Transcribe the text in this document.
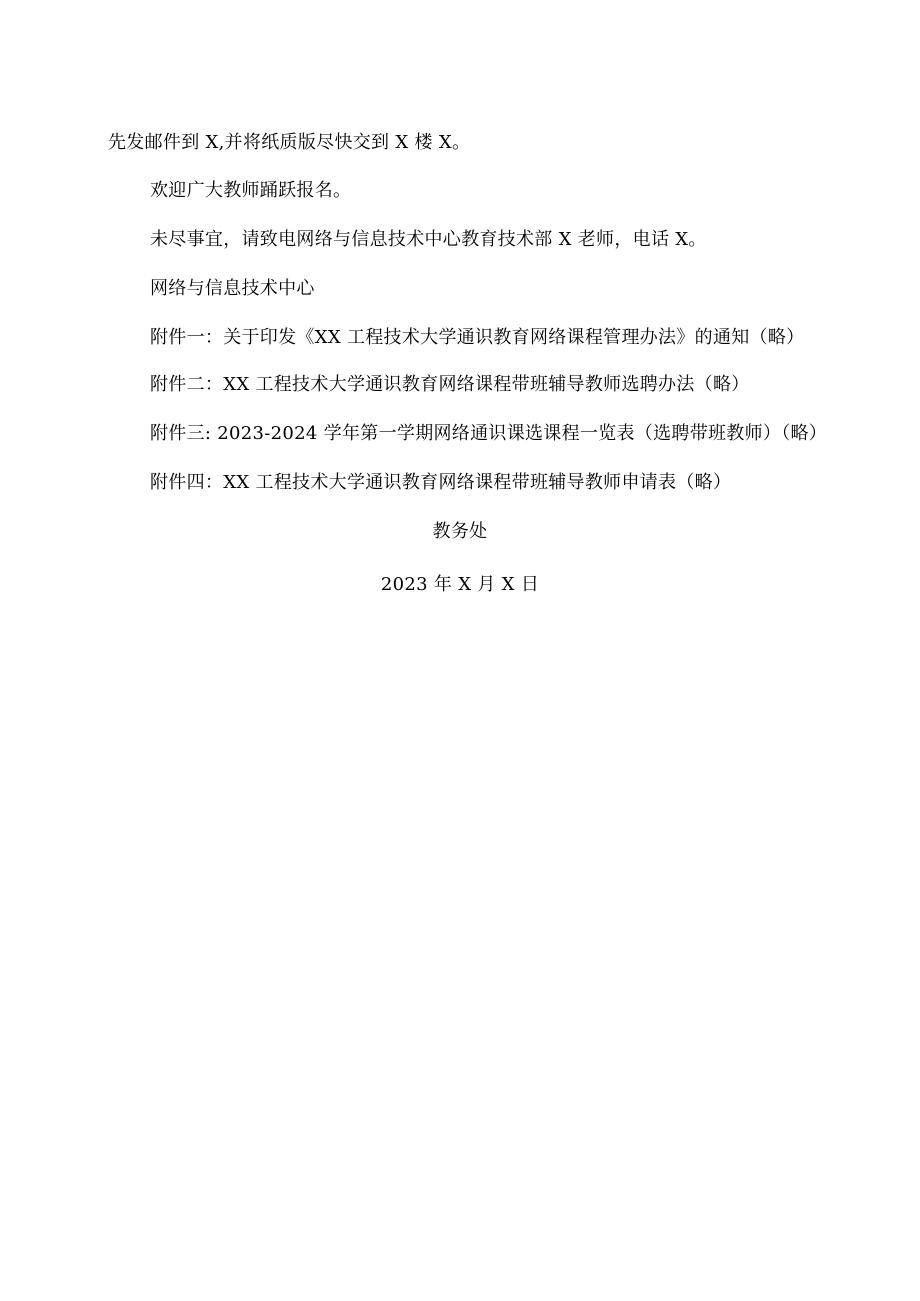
先发邮件到 X,并将纸质版尽快交到 X 楼 X。
欢迎广大教师踊跃报名。
未尽事宜，请致电网络与信息技术中心教育技术部 X 老师，电话 X。
网络与信息技术中心
附件一：关于印发《XX 工程技术大学通识教育网络课程管理办法》的通知（略）
附件二：XX 工程技术大学通识教育网络课程带班辅导教师选聘办法（略）
附件三: 2023-2024 学年第一学期网络通识课选课程一览表（选聘带班教师）（略）
附件四：XX 工程技术大学通识教育网络课程带班辅导教师申请表（略）
教务处
2023 年 X 月 X 日
